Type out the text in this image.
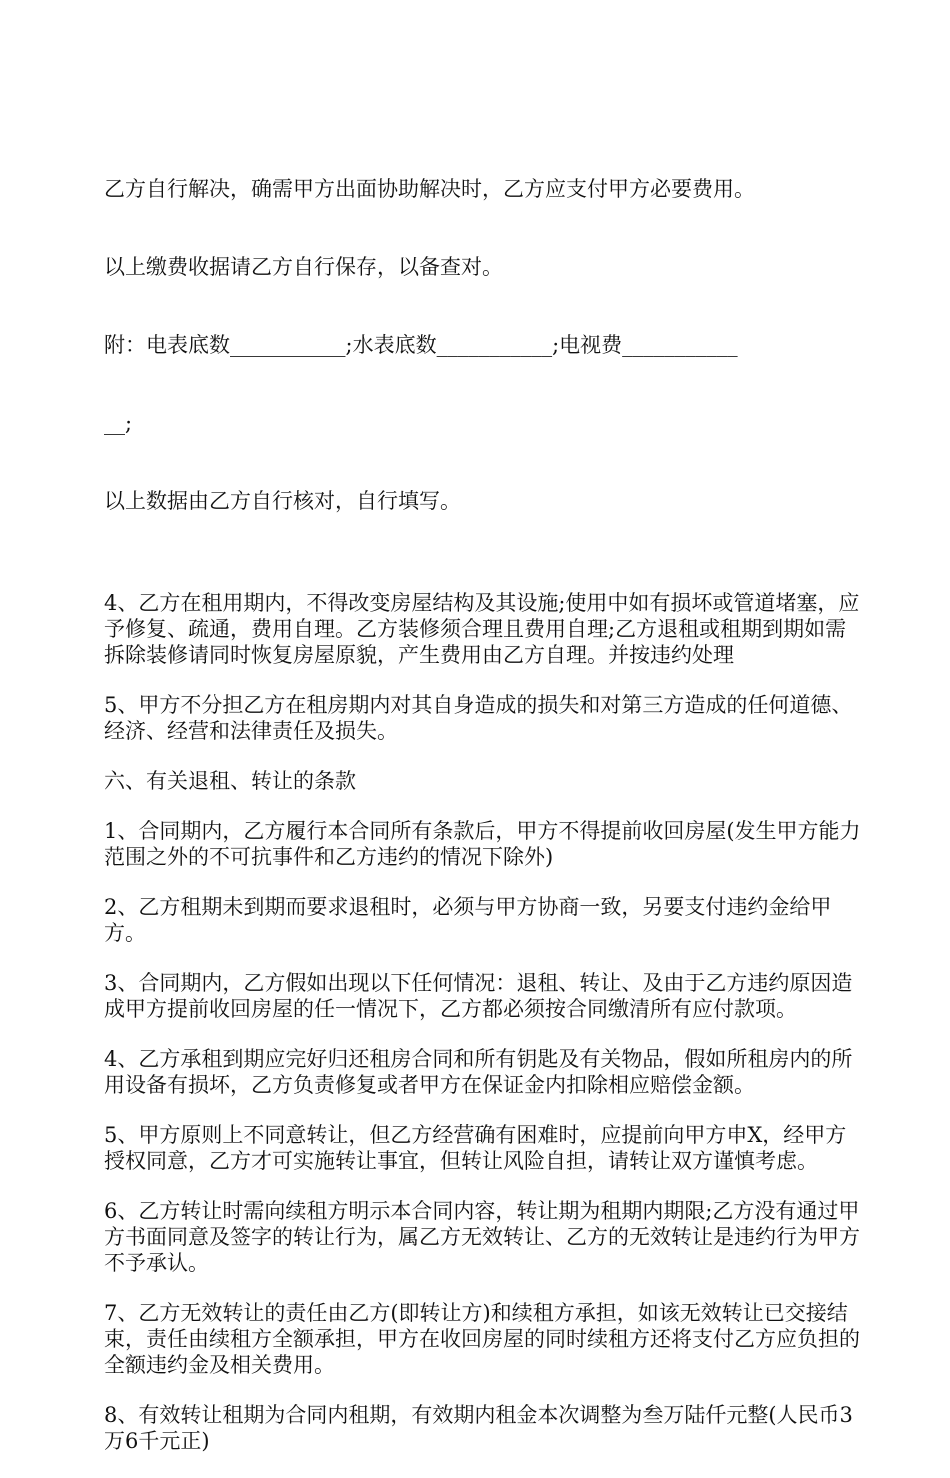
乙方自行解决，确需甲方出面协助解决时，乙方应支付甲方必要费用。

以上缴费收据请乙方自行保存，以备查对。

附：电表底数___________;水表底数___________;电视费___________

__;

以上数据由乙方自行核对，自行填写。

4、乙方在租用期内，不得改变房屋结构及其设施;使用中如有损坏或管道堵塞，应予修复、疏通，费用自理。乙方装修须合理且费用自理;乙方退租或租期到期如需拆除装修请同时恢复房屋原貌，产生费用由乙方自理。并按违约处理
5、甲方不分担乙方在租房期内对其自身造成的损失和对第三方造成的任何道德、经济、经营和法律责任及损失。
六、有关退租、转让的条款
1、合同期内，乙方履行本合同所有条款后，甲方不得提前收回房屋(发生甲方能力范围之外的不可抗事件和乙方违约的情况下除外)
2、乙方租期未到期而要求退租时，必须与甲方协商一致，另要支付违约金给甲方。
3、合同期内，乙方假如出现以下任何情况：退租、转让、及由于乙方违约原因造成甲方提前收回房屋的任一情况下，乙方都必须按合同缴清所有应付款项。
4、乙方承租到期应完好归还租房合同和所有钥匙及有关物品，假如所租房内的所用设备有损坏，乙方负责修复或者甲方在保证金内扣除相应赔偿金额。
5、甲方原则上不同意转让，但乙方经营确有困难时，应提前向甲方申X，经甲方授权同意，乙方才可实施转让事宜，但转让风险自担，请转让双方谨慎考虑。
6、乙方转让时需向续租方明示本合同内容，转让期为租期内期限;乙方没有通过甲方书面同意及签字的转让行为，属乙方无效转让、乙方的无效转让是违约行为甲方不予承认。
7、乙方无效转让的责任由乙方(即转让方)和续租方承担，如该无效转让已交接结束，责任由续租方全额承担，甲方在收回房屋的同时续租方还将支付乙方应负担的全额违约金及相关费用。
8、有效转让租期为合同内租期，有效期内租金本次调整为叁万陆仟元整(人民币3万6千元正)
